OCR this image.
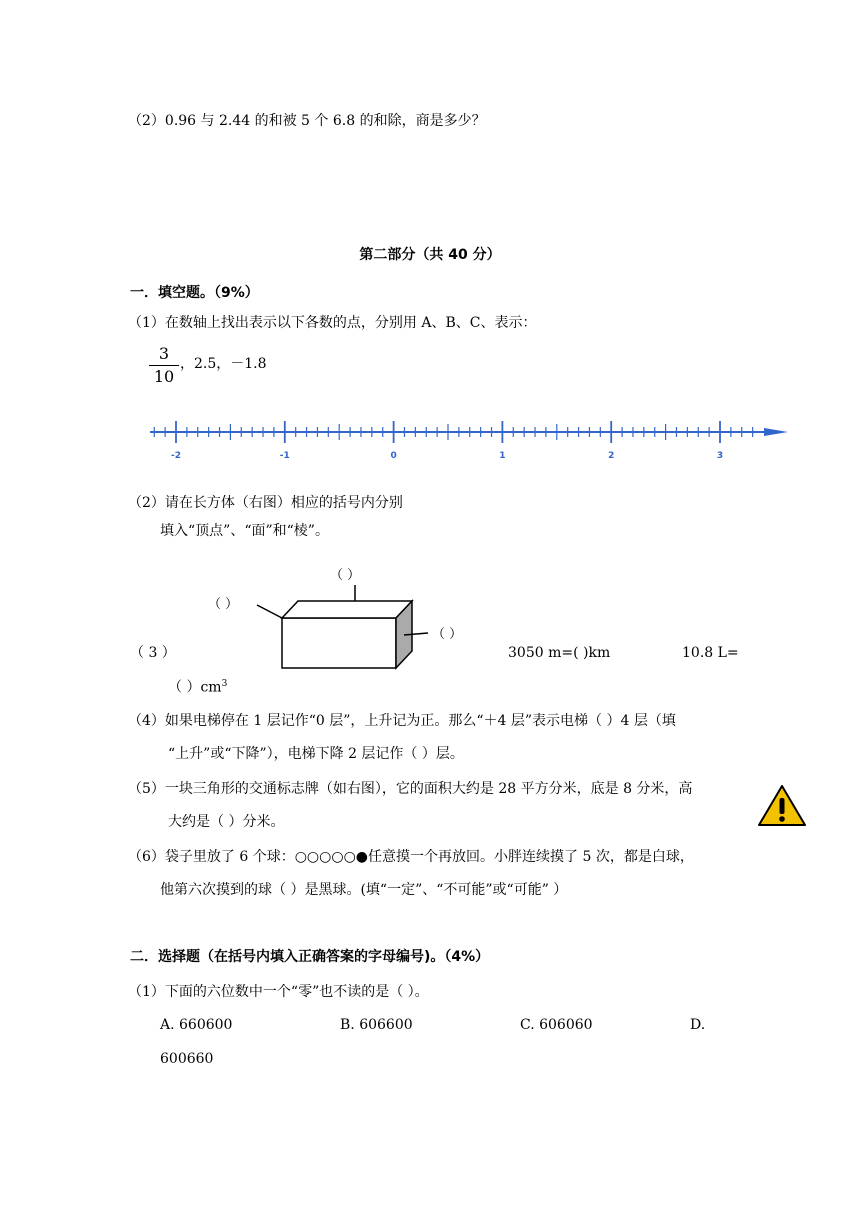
（2）0.96 与 2.44 的和被 5 个 6.8 的和除，商是多少？
第二部分（共 40 分）
一．填空题。（9%）
（1）在数轴上找出表示以下各数的点，分别用 A、B、C、表示：
3
10
，2.5，－1.8
-2	-1	0	1	2	3
（2）请在长方体（右图）相应的括号内分别
填入“顶点”、“面”和“棱”。
（ ）
（ ）
（ ）
（ 3 ）	3050 m=( )km	10.8 L=
（ ）$cm^3$
（4）如果电梯停在 1 层记作“0 层”，上升记为正。那么“＋4 层”表示电梯（ ）4 层（填
“上升”或“下降”），电梯下降 2 层记作（ ）层。
（5）一块三角形的交通标志牌（如右图），它的面积大约是 28 平方分米，底是 8 分米，高
大约是（ ）分米。
（6）袋子里放了 6 个球：○○○○○●任意摸一个再放回。小胖连续摸了 5 次，都是白球，
他第六次摸到的球（ ）是黑球。(填“一定”、“不可能”或“可能” ）
二．选择题（在括号内填入正确答案的字母编号)。（4%）
（1）下面的六位数中一个“零”也不读的是（ ）。
A. 660600	B. 606600	C. 606060	D.
600660
